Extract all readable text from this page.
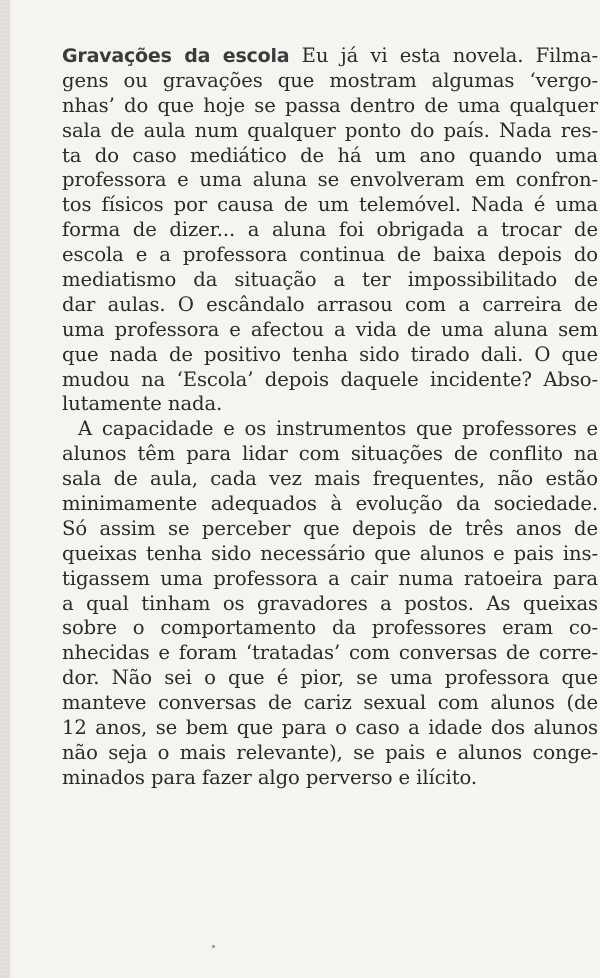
Gravações da escola Eu já vi esta novela. Filma-
gens ou gravações que mostram algumas ‘vergo-
nhas’ do que hoje se passa dentro de uma qualquer
sala de aula num qualquer ponto do país. Nada res-
ta do caso mediático de há um ano quando uma
professora e uma aluna se envolveram em confron-
tos físicos por causa de um telemóvel. Nada é uma
forma de dizer... a aluna foi obrigada a trocar de
escola e a professora continua de baixa depois do
mediatismo da situação a ter impossibilitado de
dar aulas. O escândalo arrasou com a carreira de
uma professora e afectou a vida de uma aluna sem
que nada de positivo tenha sido tirado dali. O que
mudou na ‘Escola’ depois daquele incidente? Abso-
lutamente nada.
A capacidade e os instrumentos que professores e
alunos têm para lidar com situações de conflito na
sala de aula, cada vez mais frequentes, não estão
minimamente adequados à evolução da sociedade.
Só assim se perceber que depois de três anos de
queixas tenha sido necessário que alunos e pais ins-
tigassem uma professora a cair numa ratoeira para
a qual tinham os gravadores a postos. As queixas
sobre o comportamento da professores eram co-
nhecidas e foram ‘tratadas’ com conversas de corre-
dor. Não sei o que é pior, se uma professora que
manteve conversas de cariz sexual com alunos (de
12 anos, se bem que para o caso a idade dos alunos
não seja o mais relevante), se pais e alunos conge-
minados para fazer algo perverso e ilícito.
